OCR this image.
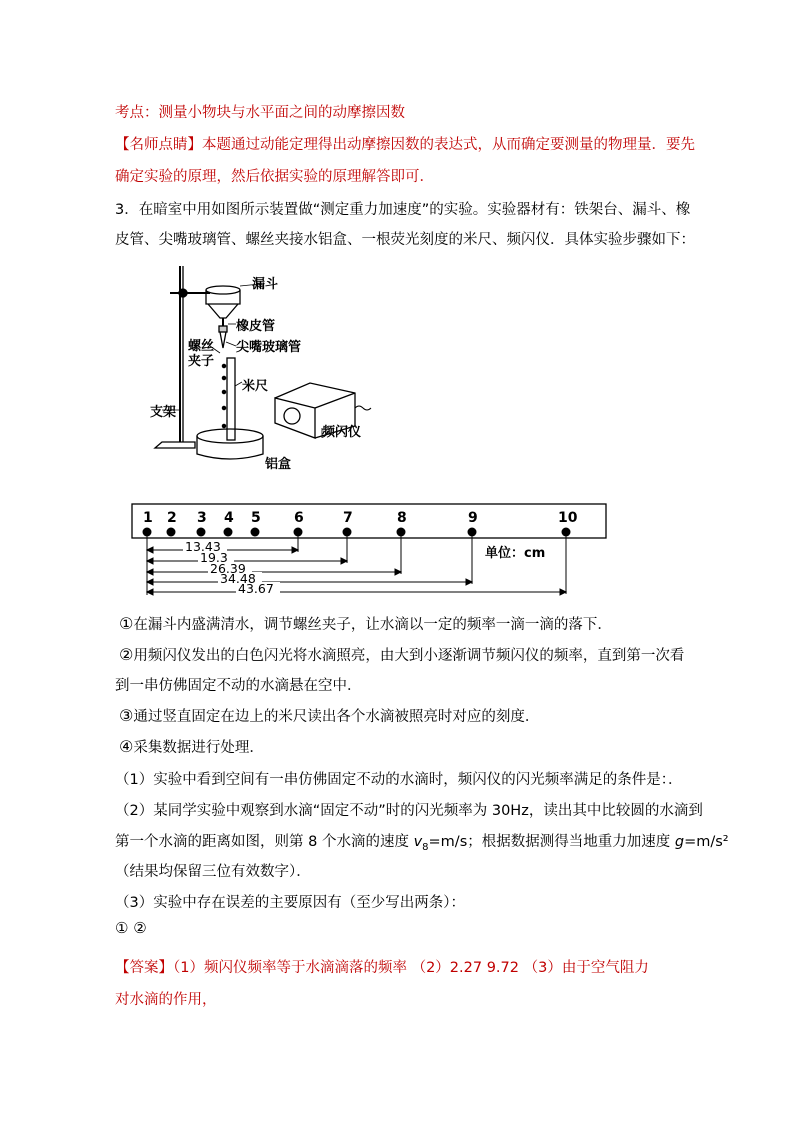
考点：测量小物块与水平面之间的动摩擦因数
【名师点睛】本题通过动能定理得出动摩擦因数的表达式，从而确定要测量的物理量．要先
确定实验的原理，然后依据实验的原理解答即可．
3．在暗室中用如图所示装置做“测定重力加速度”的实验。实验器材有：铁架台、漏斗、橡
皮管、尖嘴玻璃管、螺丝夹接水铝盒、一根荧光刻度的米尺、频闪仪．具体实验步骤如下：
漏斗
橡皮管
螺丝
夹子
尖嘴玻璃管
米尺
支架
频闪仪
铝盒
1 2 3 4 5 6	7	8	9	10
13.43
19.3
26.39
34.48
43.67
单位：cm
①在漏斗内盛满清水，调节螺丝夹子，让水滴以一定的频率一滴一滴的落下．
②用频闪仪发出的白色闪光将水滴照亮，由大到小逐渐调节频闪仪的频率，直到第一次看
到一串仿佛固定不动的水滴悬在空中．
③通过竖直固定在边上的米尺读出各个水滴被照亮时对应的刻度．
④采集数据进行处理．
（1）实验中看到空间有一串仿佛固定不动的水滴时，频闪仪的闪光频率满足的条件是：．
（2）某同学实验中观察到水滴“固定不动”时的闪光频率为 30Hz，读出其中比较圆的水滴到
第一个水滴的距离如图，则第 8 个水滴的速度 $v_8=m/s$；根据数据测得当地重力加速度 g=m/s²
（结果均保留三位有效数字）．
（3）实验中存在误差的主要原因有（至少写出两条）：
① ②
【答案】（1）频闪仪频率等于水滴滴落的频率 （2）2.27 9.72 （3）由于空气阻力
对水滴的作用，
